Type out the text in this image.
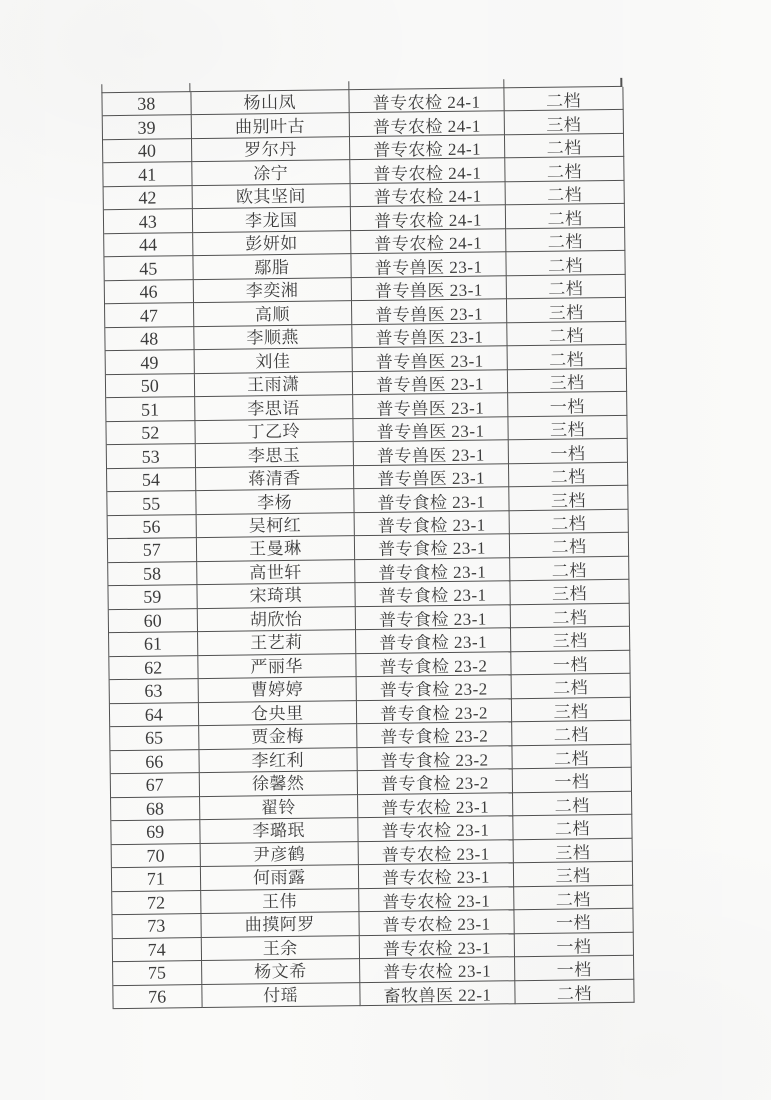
38	杨山凤	普专农检 24-1	二档
39	曲别叶古	普专农检 24-1	三档
40	罗尔丹	普专农检 24-1	二档
41	凃宁	普专农检 24-1	二档
42	欧其坚间	普专农检 24-1	二档
43	李龙国	普专农检 24-1	二档
44	彭妍如	普专农检 24-1	二档
45	鄢脂	普专兽医 23-1	二档
46	李奕湘	普专兽医 23-1	二档
47	高顺	普专兽医 23-1	三档
48	李顺燕	普专兽医 23-1	二档
49	刘佳	普专兽医 23-1	二档
50	王雨潇	普专兽医 23-1	三档
51	李思语	普专兽医 23-1	一档
52	丁乙玲	普专兽医 23-1	三档
53	李思玉	普专兽医 23-1	一档
54	蒋清香	普专兽医 23-1	二档
55	李杨	普专食检 23-1	三档
56	吴柯红	普专食检 23-1	二档
57	王曼琳	普专食检 23-1	二档
58	高世轩	普专食检 23-1	二档
59	宋琦琪	普专食检 23-1	三档
60	胡欣怡	普专食检 23-1	二档
61	王艺莉	普专食检 23-1	三档
62	严丽华	普专食检 23-2	一档
63	曹婷婷	普专食检 23-2	二档
64	仓央里	普专食检 23-2	三档
65	贾金梅	普专食检 23-2	二档
66	李红利	普专食检 23-2	二档
67	徐馨然	普专食检 23-2	一档
68	翟铃	普专农检 23-1	二档
69	李璐珉	普专农检 23-1	二档
70	尹彦鹤	普专农检 23-1	三档
71	何雨露	普专农检 23-1	三档
72	王伟	普专农检 23-1	二档
73	曲摸阿罗	普专农检 23-1	一档
74	王余	普专农检 23-1	一档
75	杨文希	普专农检 23-1	一档
76	付瑶	畜牧兽医 22-1	二档
